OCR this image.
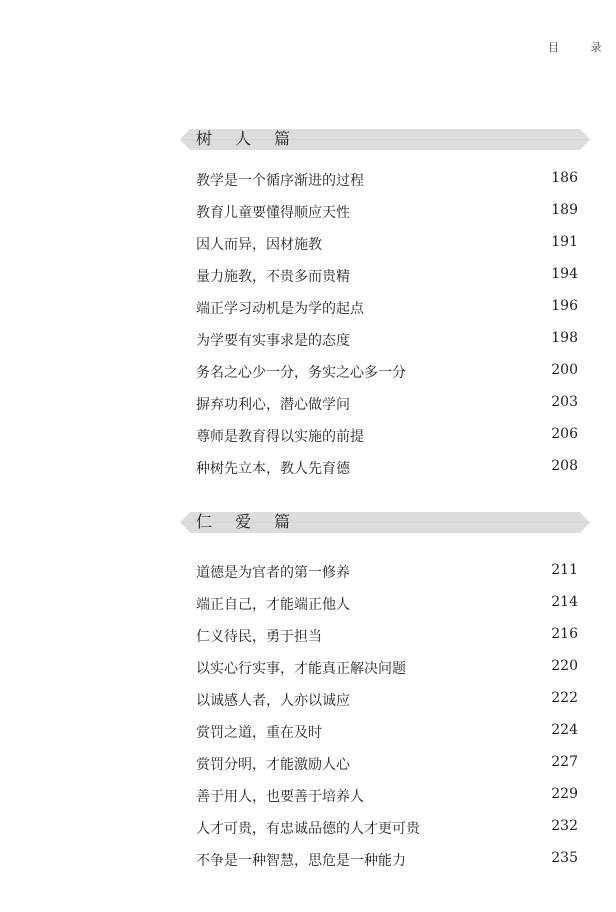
目 录
树 人 篇
教学是一个循序渐进的过程	186
教育儿童要懂得顺应天性	189
因人而异，因材施教	191
量力施教，不贵多而贵精	194
端正学习动机是为学的起点	196
为学要有实事求是的态度	198
务名之心少一分，务实之心多一分	200
摒弃功利心，潜心做学问	203
尊师是教育得以实施的前提	206
种树先立本，教人先育德	208
仁 爱 篇
道德是为官者的第一修养	211
端正自己，才能端正他人	214
仁义待民，勇于担当	216
以实心行实事，才能真正解决问题	220
以诚感人者，人亦以诚应	222
赏罚之道，重在及时	224
赏罚分明，才能激励人心	227
善于用人，也要善于培养人	229
人才可贵，有忠诚品德的人才更可贵	232
不争是一种智慧，思危是一种能力	235
